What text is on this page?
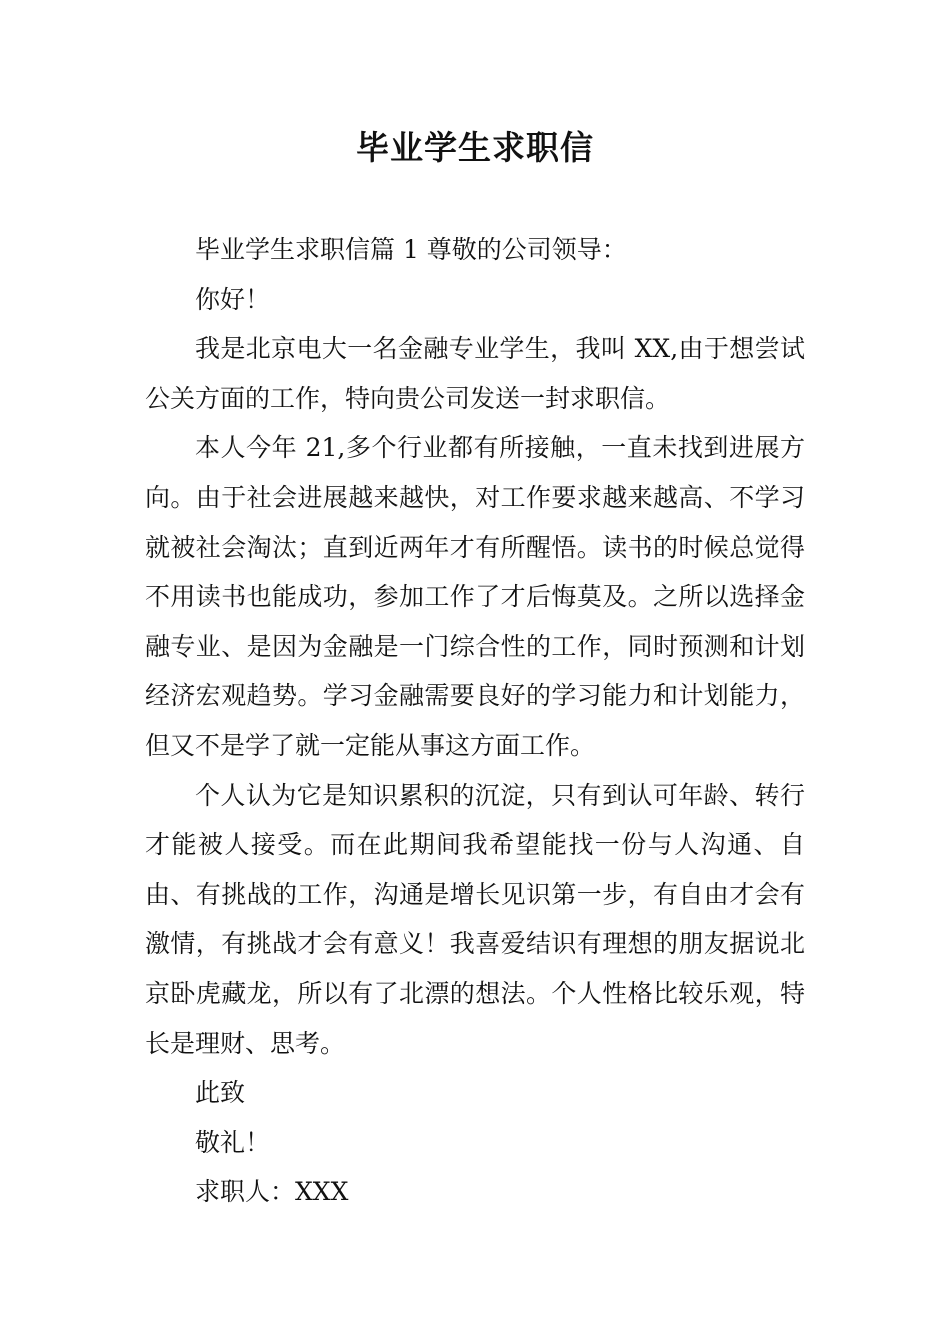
毕业学生求职信

毕业学生求职信篇 1 尊敬的公司领导：

你好！

我是北京电大一名金融专业学生，我叫 XX,由于想尝试公关方面的工作，特向贵公司发送一封求职信。

本人今年 21,多个行业都有所接触，一直未找到进展方向。由于社会进展越来越快，对工作要求越来越高、不学习就被社会淘汰；直到近两年才有所醒悟。读书的时候总觉得不用读书也能成功，参加工作了才后悔莫及。之所以选择金融专业、是因为金融是一门综合性的工作，同时预测和计划经济宏观趋势。学习金融需要良好的学习能力和计划能力，但又不是学了就一定能从事这方面工作。

个人认为它是知识累积的沉淀，只有到认可年龄、转行才能被人接受。而在此期间我希望能找一份与人沟通、自由、有挑战的工作，沟通是增长见识第一步，有自由才会有激情，有挑战才会有意义！我喜爱结识有理想的朋友据说北京卧虎藏龙，所以有了北漂的想法。个人性格比较乐观，特长是理财、思考。

此致

敬礼！

求职人：XXX
